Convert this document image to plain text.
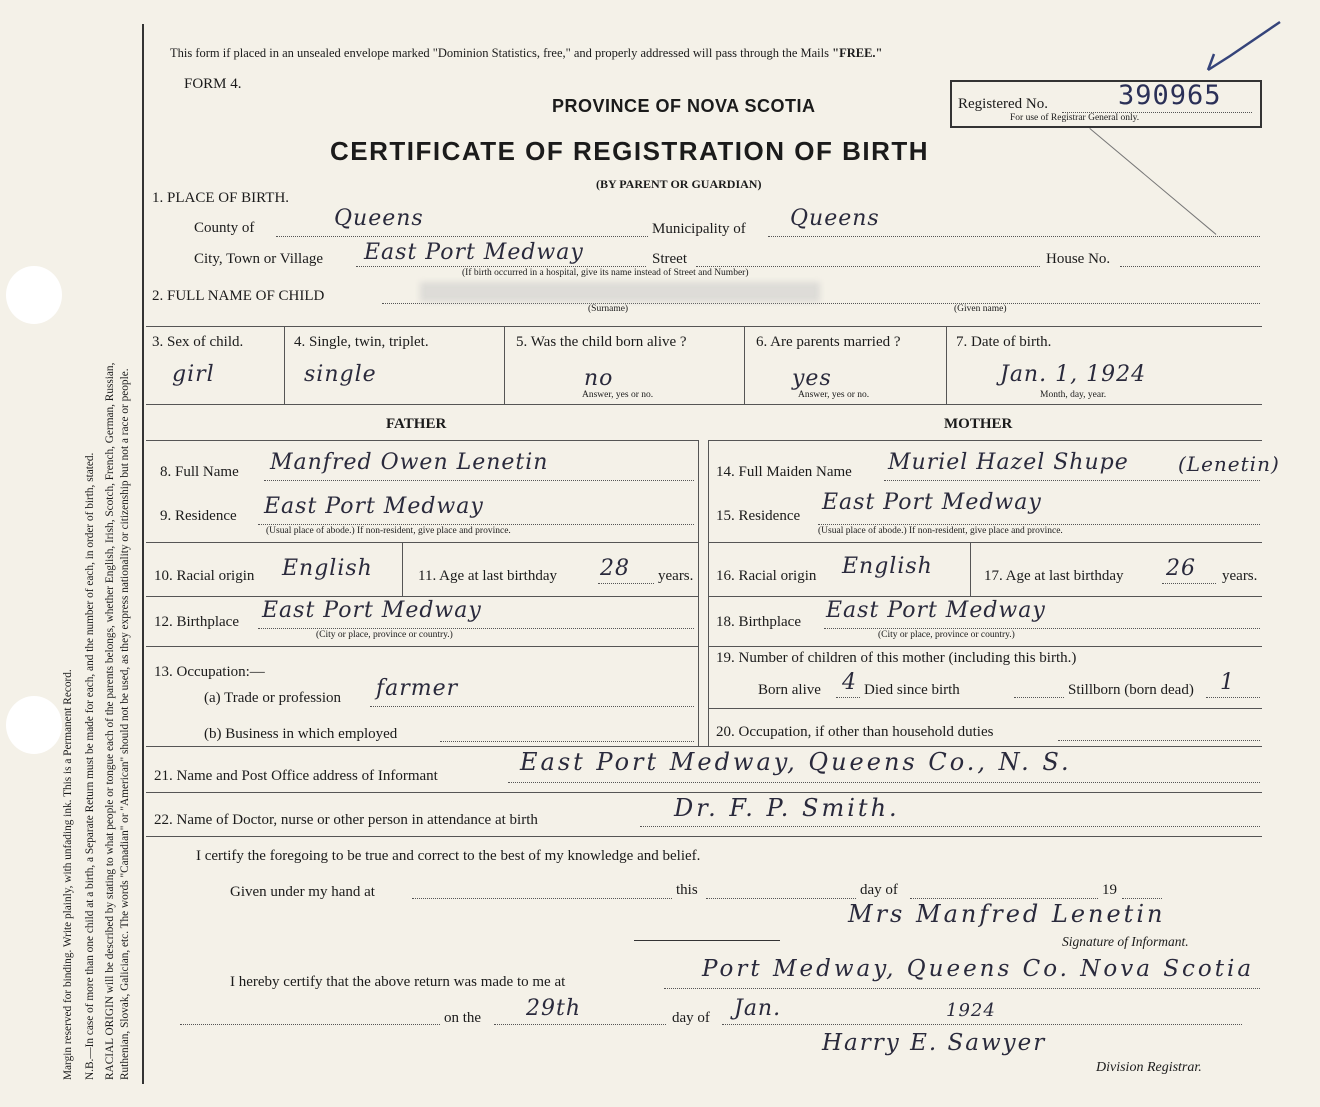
Margin reserved for binding. Write plainly, with unfading ink. This is a Permanent Record. N.B.—In case of more than one child at a birth, a Separate Return must be made for each, and the number of each, in order of birth, stated. RACIAL ORIGIN will be described by stating to what people or tongue each of the parents belongs, whether English, Irish, Scotch, French, German, Russian, Ruthenian, Slovak, Galician, etc. The words "Canadian" or "American" should not be used, as they express nationality or citizenship but not a race or people.
This form if placed in an unsealed envelope marked "Dominion Statistics, free," and properly addressed will pass through the Mails "FREE."
FORM 4.
PROVINCE OF NOVA SCOTIA	Registered No.	390965
For use of Registrar General only.
CERTIFICATE OF REGISTRATION OF BIRTH
(BY PARENT OR GUARDIAN)
1. PLACE OF BIRTH.
County of	Queens	Municipality of Queens
City, Town or Village East Port Medway	Street	House No.
(If birth occurred in a hospital, give its name instead of Street and Number)
2. FULL NAME OF CHILD
(Surname)	(Given name)
3. Sex of child.
girl
4. Single, twin, triplet.
single
5. Was the child born alive ?
no
Answer, yes or no.
6. Are parents married ?
yes
Answer, yes or no.
7. Date of birth.
Jan. 1, 1924
Month, day, year.
FATHER	MOTHER
8. Full Name Manfred Owen Lenetin
9. Residence East Port Medway
(Usual place of abode.) If non-resident, give place and province.
10. Racial origin English	11. Age at last birthday 28 years.
12. Birthplace East Port Medway
(City or place, province or country.)
13. Occupation:—
(a) Trade or profession farmer
(b) Business in which employed
14. Full Maiden Name Muriel Hazel Shupe (Lenetin)
15. Residence
East Port Medway
(Usual place of abode.) If non-resident, give place and province.
16. Racial origin English	17. Age at last birthday 26 years.
18. Birthplace East Port Medway
(City or place, province or country.)
19. Number of children of this mother (including this birth.)
Born alive 4 Died since birth	Stillborn (born dead) 1
20. Occupation, if other than household duties
21. Name and Post Office address of Informant	East Port Medway, Queens Co., N. S.
22. Name of Doctor, nurse or other person in attendance at birth	Dr. F. P. Smith.
I certify the foregoing to be true and correct to the best of my knowledge and belief.
Given under my hand at	this	day of	19
Mrs Manfred Lenetin
Signature of Informant.
I hereby certify that the above return was made to me at	Port Medway, Queens Co. Nova Scotia
on the 29th	day of Jan.	1924
Harry E. Sawyer
Division Registrar.
